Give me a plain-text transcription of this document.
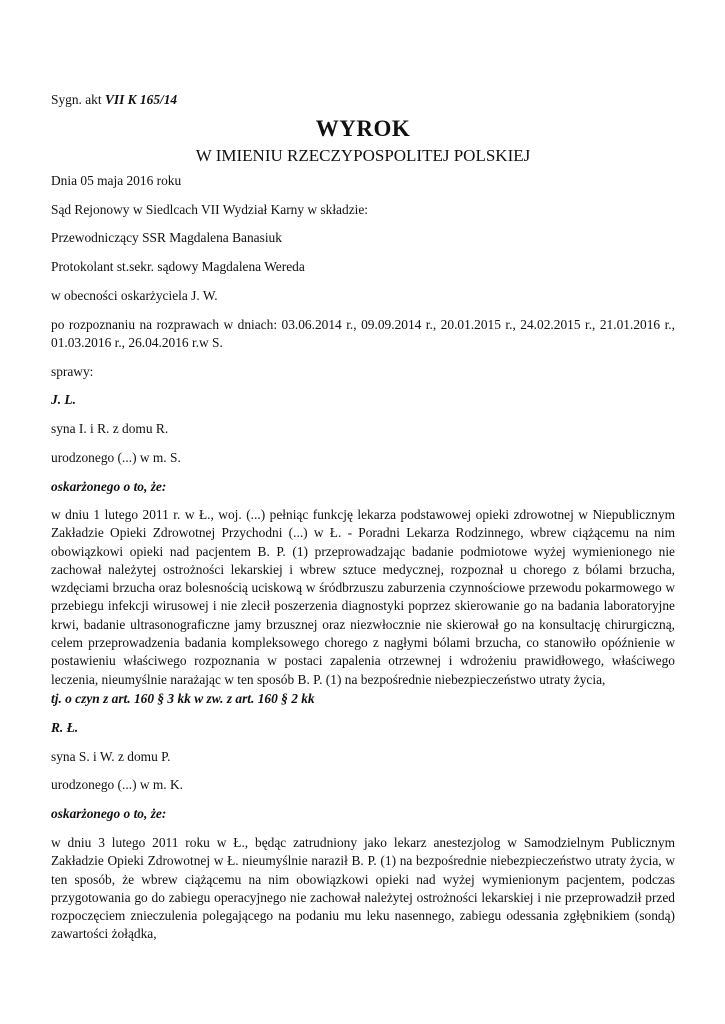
Sygn. akt VII K 165/14

WYROK
W IMIENIU RZECZYPOSPOLITEJ POLSKIEJ

Dnia 05 maja 2016 roku

Sąd Rejonowy w Siedlcach VII Wydział Karny w składzie:

Przewodniczący SSR Magdalena Banasiuk

Protokolant st.sekr. sądowy Magdalena Wereda

w obecności oskarżyciela J. W.

po rozpoznaniu na rozprawach w dniach: 03.06.2014 r., 09.09.2014 r., 20.01.2015 r., 24.02.2015 r., 21.01.2016 r., 01.03.2016 r., 26.04.2016 r.w S.

sprawy:

J. L.

syna I. i R. z domu R.

urodzonego (...) w m. S.

oskarżonego o to, że:

w dniu 1 lutego 2011 r. w Ł., woj. (...) pełniąc funkcję lekarza podstawowej opieki zdrowotnej w Niepublicznym Zakładzie Opieki Zdrowotnej Przychodni (...) w Ł. - Poradni Lekarza Rodzinnego, wbrew ciążącemu na nim obowiązkowi opieki nad pacjentem B. P. (1) przeprowadzając badanie podmiotowe wyżej wymienionego nie zachował należytej ostrożności lekarskiej i wbrew sztuce medycznej, rozpoznał u chorego z bólami brzucha, wzdęciami brzucha oraz bolesnością uciskową w śródbrzuszu zaburzenia czynnościowe przewodu pokarmowego w przebiegu infekcji wirusowej i nie zlecił poszerzenia diagnostyki poprzez skierowanie go na badania laboratoryjne krwi, badanie ultrasonograficzne jamy brzusznej oraz niezwłocznie nie skierował go na konsultację chirurgiczną, celem przeprowadzenia badania kompleksowego chorego z nagłymi bólami brzucha, co stanowiło opóźnienie w postawieniu właściwego rozpoznania w postaci zapalenia otrzewnej i wdrożeniu prawidłowego, właściwego leczenia, nieumyślnie narażając w ten sposób B. P. (1) na bezpośrednie niebezpieczeństwo utraty życia,

tj. o czyn z art. 160 § 3 kk w zw. z art. 160 § 2 kk

R. Ł.

syna S. i W. z domu P.

urodzonego (...) w m. K.

oskarżonego o to, że:

w dniu 3 lutego 2011 roku w Ł., będąc zatrudniony jako lekarz anestezjolog w Samodzielnym Publicznym Zakładzie Opieki Zdrowotnej w Ł. nieumyślnie naraził B. P. (1) na bezpośrednie niebezpieczeństwo utraty życia, w ten sposób, że wbrew ciążącemu na nim obowiązkowi opieki nad wyżej wymienionym pacjentem, podczas przygotowania go do zabiegu operacyjnego nie zachował należytej ostrożności lekarskiej i nie przeprowadził przed rozpoczęciem znieczulenia polegającego na podaniu mu leku nasennego, zabiegu odessania zgłębnikiem (sondą) zawartości żołądka,
